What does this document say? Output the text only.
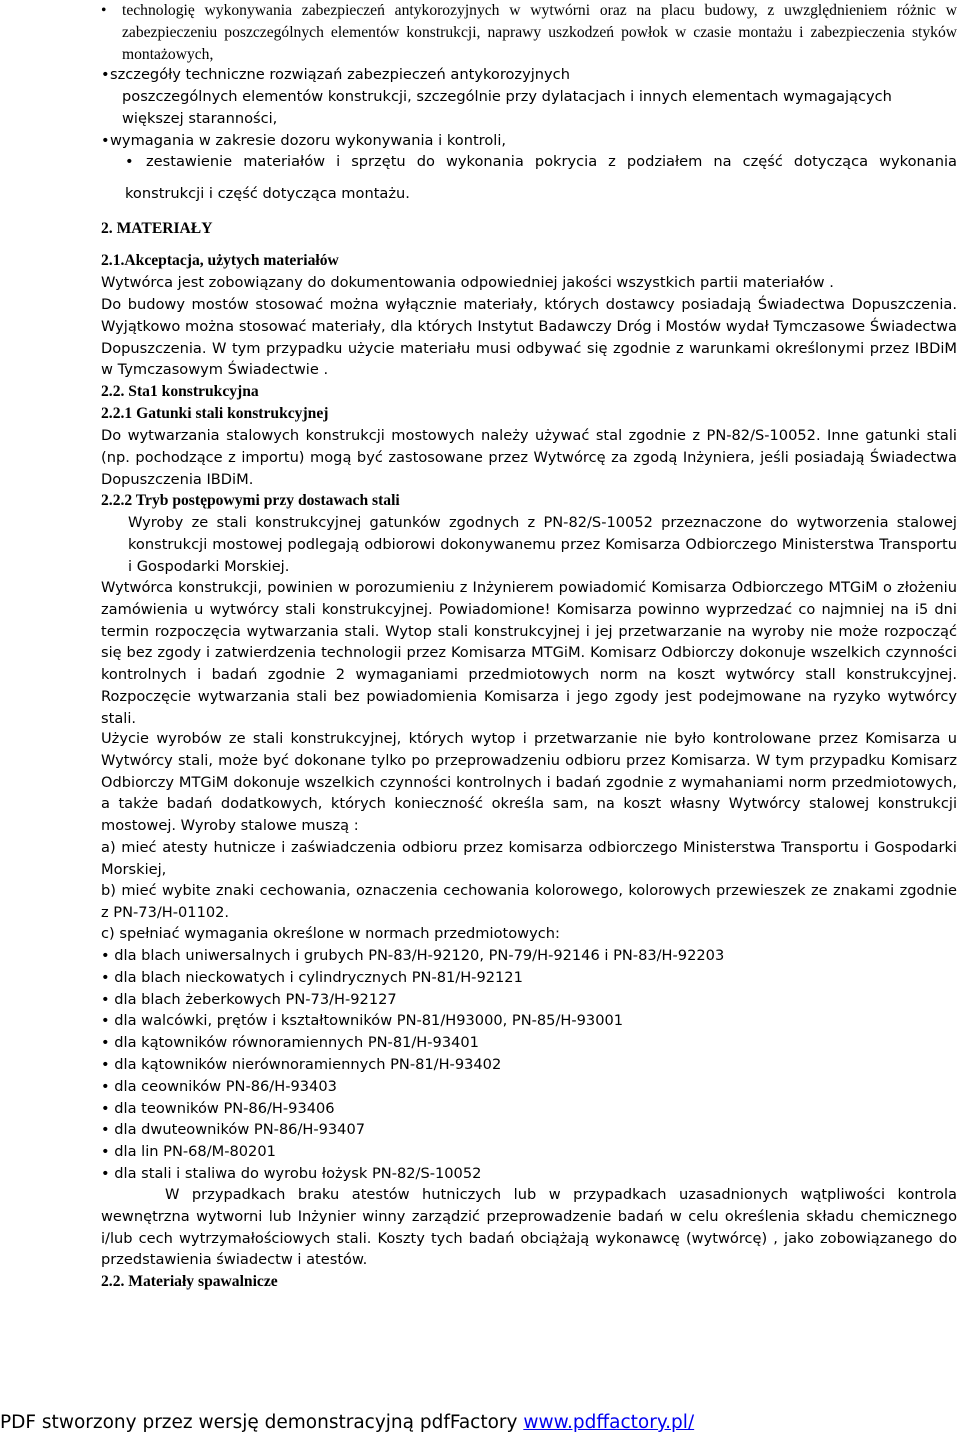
• technologię wykonywania zabezpieczeń antykorozyjnych w wytwórni oraz na placu budowy, z uwzględnieniem różnic w zabezpieczeniu poszczególnych elementów konstrukcji, naprawy uszkodzeń powłok w czasie montażu i zabezpieczenia styków montażowych,
• szczegóły techniczne rozwiązań zabezpieczeń antykorozyjnych
poszczególnych elementów konstrukcji, szczególnie przy dylatacjach i innych elementach wymagających większej staranności,
• wymagania w zakresie dozoru wykonywania i kontroli,
• zestawienie materiałów i sprzętu do wykonania pokrycia z podziałem na część dotycząca wykonania
konstrukcji i część dotycząca montażu.
2. MATERIAŁY
2.1.Akceptacja, użytych materiałów
Wytwórca jest zobowiązany do dokumentowania odpowiedniej jakości wszystkich partii materiałów .
Do budowy mostów stosować można wyłącznie materiały, których dostawcy posiadają Świadectwa Dopuszczenia. Wyjątkowo można stosować materiały, dla których Instytut Badawczy Dróg i Mostów wydał Tymczasowe Świadectwa Dopuszczenia. W tym przypadku użycie materiału musi odbywać się zgodnie z warunkami określonymi przez IBDiM w Tymczasowym Świadectwie .
2.2. Sta1 konstrukcyjna
2.2.1 Gatunki stali konstrukcyjnej
Do wytwarzania stalowych konstrukcji mostowych należy używać stal zgodnie z PN-82/S-10052. Inne gatunki stali (np. pochodzące z importu) mogą być zastosowane przez Wytwórcę za zgodą Inżyniera, jeśli posiadają Świadectwa Dopuszczenia IBDiM.
2.2.2 Tryb postępowymi przy dostawach stali
Wyroby ze stali konstrukcyjnej gatunków zgodnych z PN-82/S-10052 przeznaczone do wytworzenia stalowej konstrukcji mostowej podlegają odbiorowi dokonywanemu przez Komisarza Odbiorczego Ministerstwa Transportu i Gospodarki Morskiej.
Wytwórca konstrukcji, powinien w porozumieniu z Inżynierem powiadomić Komisarza Odbiorczego MTGiM o złożeniu zamówienia u wytwórcy stali konstrukcyjnej. Powiadomione! Komisarza powinno wyprzedzać co najmniej na i5 dni termin rozpoczęcia wytwarzania stali. Wytop stali konstrukcyjnej i jej przetwarzanie na wyroby nie może rozpocząć się bez zgody i zatwierdzenia technologii przez Komisarza MTGiM. Komisarz Odbiorczy dokonuje wszelkich czynności kontrolnych i badań zgodnie 2 wymaganiami przedmiotowych norm na koszt wytwórcy stall konstrukcyjnej. Rozpoczęcie wytwarzania stali bez powiadomienia Komisarza i jego zgody jest podejmowane na ryzyko wytwórcy stali.
Użycie wyrobów ze stali konstrukcyjnej, których wytop i przetwarzanie nie było kontrolowane przez Komisarza u Wytwórcy stali, może być dokonane tylko po przeprowadzeniu odbioru przez Komisarza. W tym przypadku Komisarz Odbiorczy MTGiM dokonuje wszelkich czynności kontrolnych i badań zgodnie z wymahaniami norm przedmiotowych, a także badań dodatkowych, których konieczność określa sam, na koszt własny Wytwórcy stalowej konstrukcji mostowej. Wyroby stalowe muszą :
a) mieć atesty hutnicze i zaświadczenia odbioru przez komisarza odbiorczego Ministerstwa Transportu i Gospodarki Morskiej,
b) mieć wybite znaki cechowania, oznaczenia cechowania kolorowego, kolorowych przewieszek ze znakami zgodnie z PN-73/H-01102.
c) spełniać wymagania określone w normach przedmiotowych:
• dla blach uniwersalnych i grubych PN-83/H-92120, PN-79/H-92146 i PN-83/H-92203
• dla blach nieckowatych i cylindrycznych PN-81/H-92121
• dla blach żeberkowych PN-73/H-92127
• dla walcówki, prętów i kształtowników PN-81/H93000, PN-85/H-93001
• dla kątowników równoramiennych PN-81/H-93401
• dla kątowników nierównoramiennych PN-81/H-93402
• dla ceowników PN-86/H-93403
• dla teowników PN-86/H-93406
• dla dwuteowników PN-86/H-93407
• dla lin PN-68/M-80201
• dla stali i staliwa do wyrobu łożysk PN-82/S-10052
W przypadkach braku atestów hutniczych lub w przypadkach uzasadnionych wątpliwości kontrola wewnętrzna wytworni lub Inżynier winny zarządzić przeprowadzenie badań w celu określenia składu chemicznego i/lub cech wytrzymałościowych stali. Koszty tych badań obciążają wykonawcę (wytwórcę) , jako zobowiązanego do przedstawienia świadectw i atestów.
2.2. Materiały spawalnicze
PDF stworzony przez wersję demonstracyjną pdfFactory www.pdffactory.pl/
